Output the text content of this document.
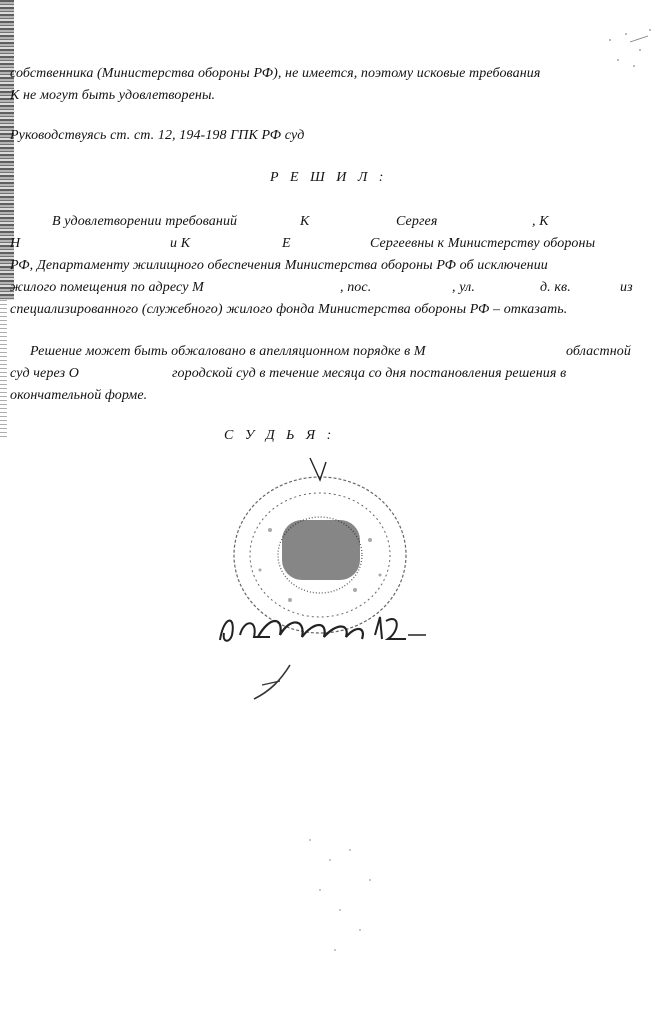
собственника (Министерства обороны РФ), не имеется, поэтому исковые требования
К не могут быть удовлетворены.
Руководствуясь ст. ст. 12, 194-198 ГПК РФ суд
Р Е Ш И Л :
В удовлетворении требований	К	Сергея	, К
Н	и К	Е	Сергеевны к Министерству обороны
РФ, Департаменту жилищного обеспечения Министерства обороны РФ об исключении
жилого помещения по адресу М	, пос.	, ул.	д. кв.	из
специализированного (служебного) жилого фонда Министерства обороны РФ – отказать.
Решение может быть обжаловано в апелляционном порядке в М	областной
суд через О	городской суд в течение месяца со дня постановления решения в
окончательной форме.
С У Д Ь Я :
